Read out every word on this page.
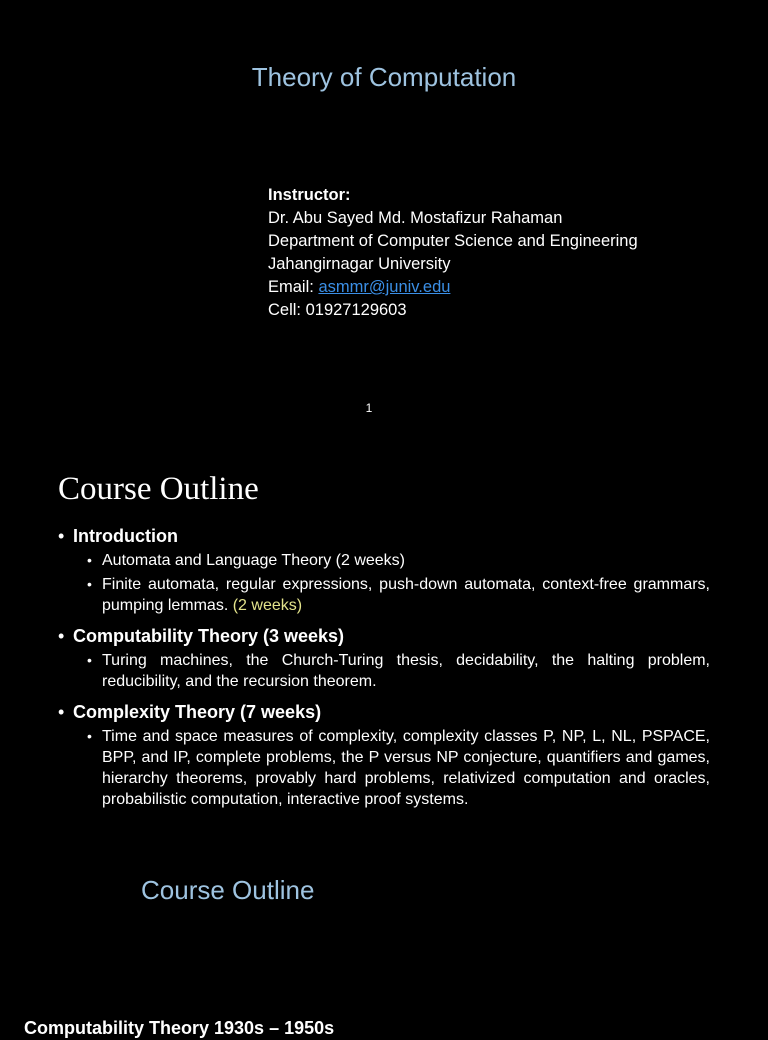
Theory of Computation
Instructor:
Dr. Abu Sayed Md. Mostafizur Rahaman
Department of Computer Science and Engineering
Jahangirnagar University
Email: asmmr@juniv.edu
Cell: 01927129603
1
Course Outline
• Introduction
• Automata and Language Theory (2 weeks)
• Finite automata, regular expressions, push-down automata, context-free grammars, pumping lemmas. (2 weeks)
• Computability Theory (3 weeks)
• Turing machines, the Church-Turing thesis, decidability, the halting problem, reducibility, and the recursion theorem.
• Complexity Theory (7 weeks)
• Time and space measures of complexity, complexity classes P, NP, L, NL, PSPACE, BPP, and IP, complete problems, the P versus NP conjecture, quantifiers and games, hierarchy theorems, provably hard problems, relativized computation and oracles, probabilistic computation, interactive proof systems.
Course Outline
Computability Theory 1930s – 1950s
